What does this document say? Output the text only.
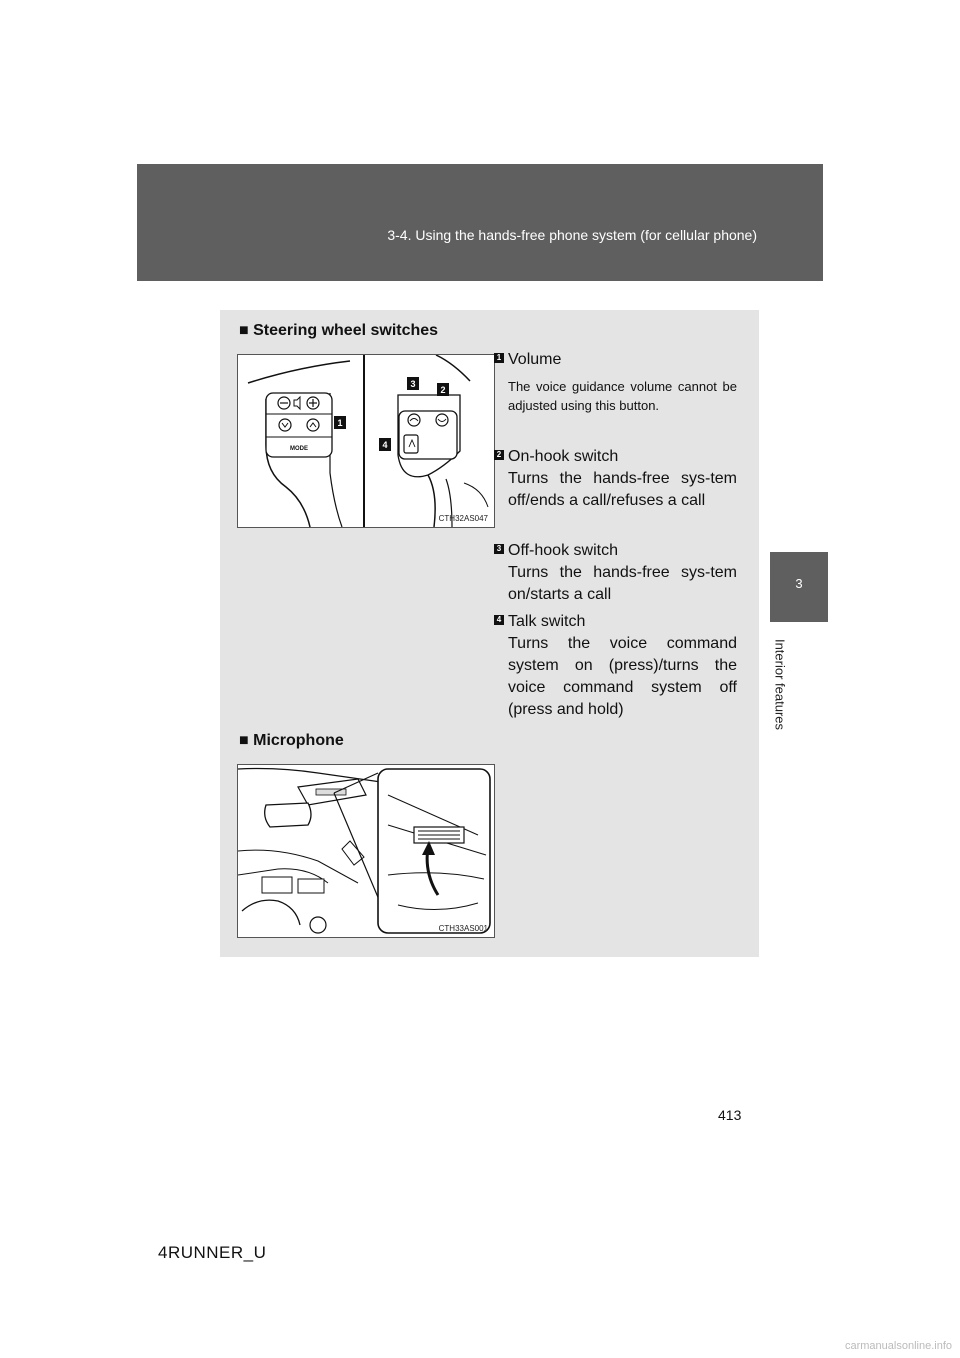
3-4. Using the hands-free phone system (for cellular phone)
3
Interior features
■ Steering wheel switches
MODE
1
3
2
4
CTH32AS047
1 Volume
The voice guidance volume cannot be adjusted using this button.
2 On-hook switch
Turns the hands-free sys-tem off/ends a call/refuses a call
3 Off-hook switch
Turns the hands-free sys-tem on/starts a call
4 Talk switch
Turns the voice command system on (press)/turns the voice command system off (press and hold)
■ Microphone
CTH33AS001
413
4RUNNER_U
carmanualsonline.info
